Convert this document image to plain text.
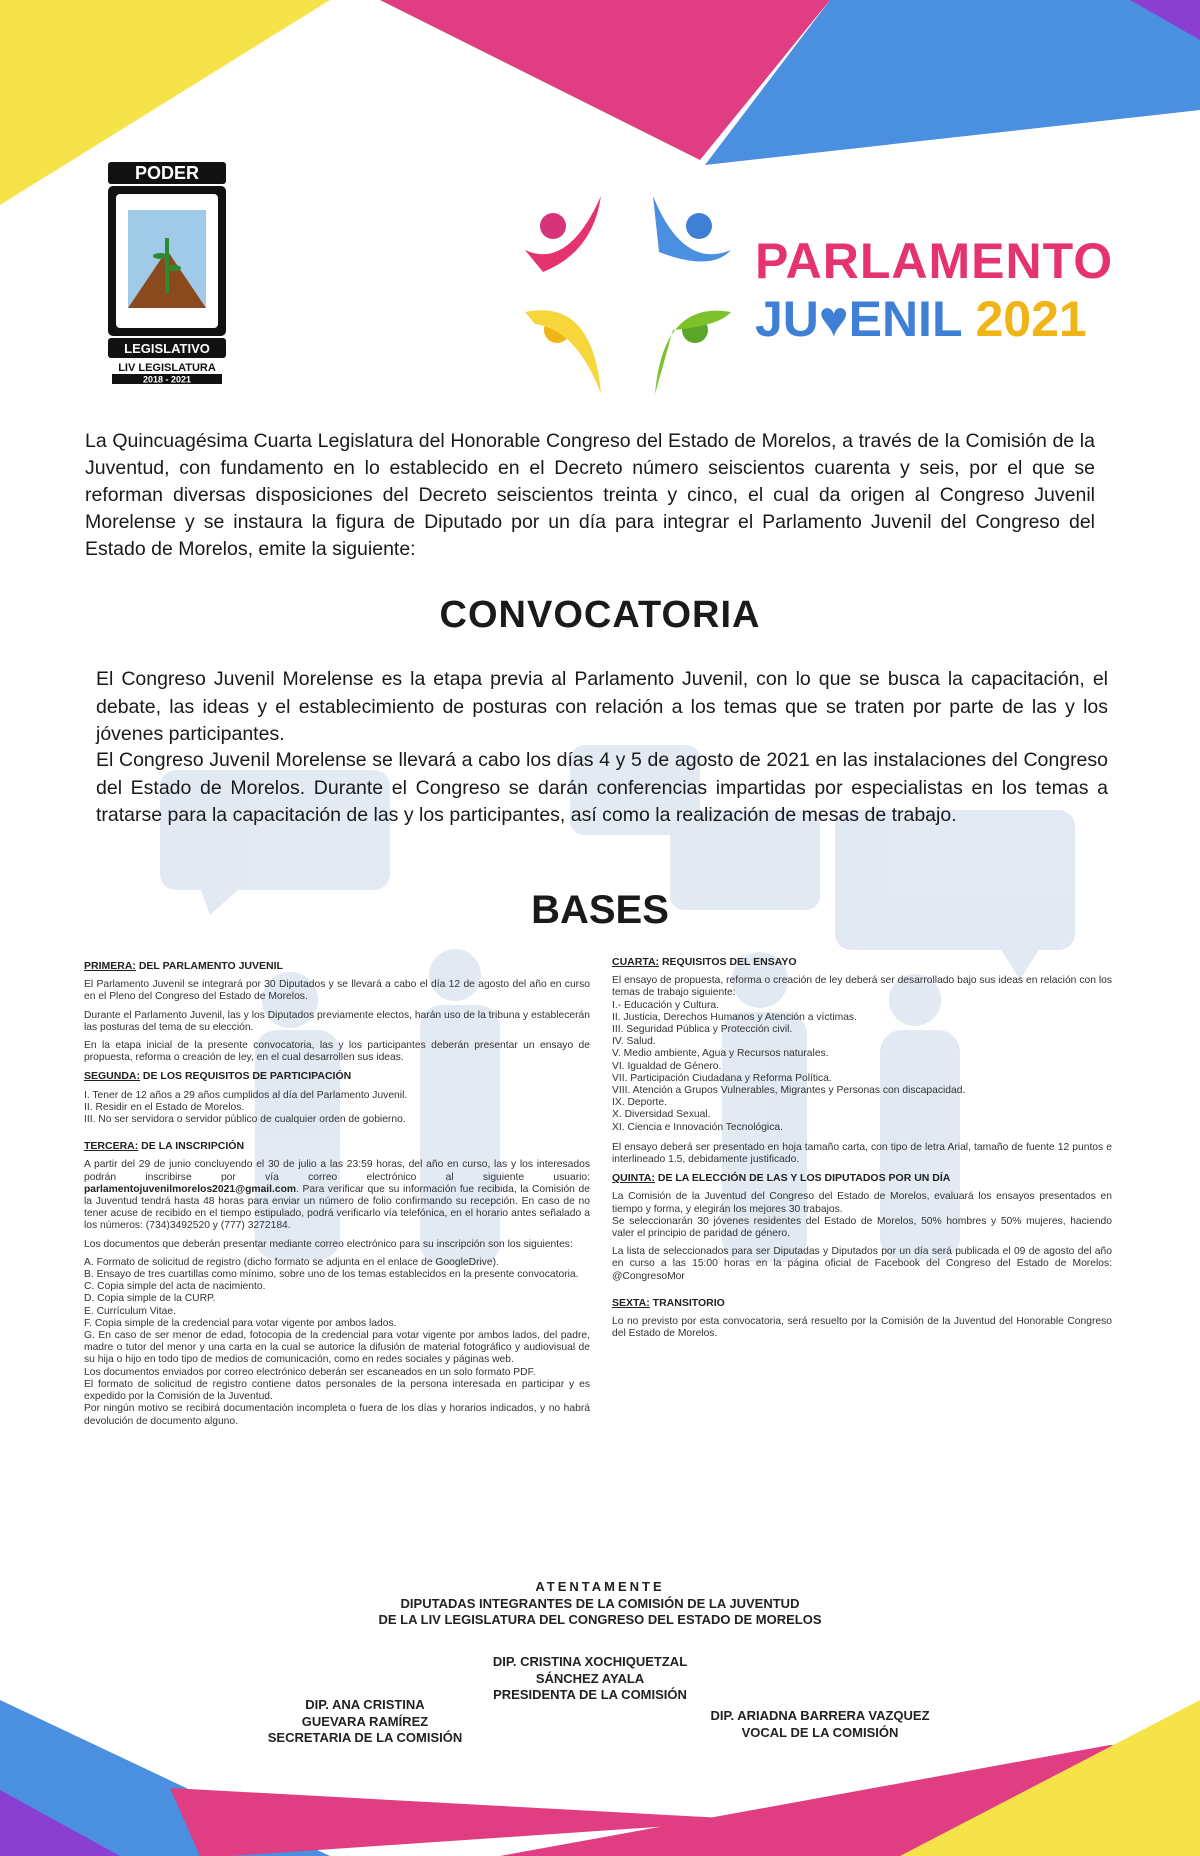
PODER
LEGISLATIVO
LIV LEGISLATURA
2018 - 2021
PARLAMENTO
JU♥ENIL 2021

La Quincuagésima Cuarta Legislatura del Honorable Congreso del Estado de Morelos, a través de la Comisión de la Juventud, con fundamento en lo establecido en el Decreto número seiscientos cuarenta y seis, por el que se reforman diversas disposiciones del Decreto seiscientos treinta y cinco, el cual da origen al Congreso Juvenil Morelense y se instaura la figura de Diputado por un día para integrar el Parlamento Juvenil del Congreso del Estado de Morelos, emite la siguiente:

CONVOCATORIA

El Congreso Juvenil Morelense es la etapa previa al Parlamento Juvenil, con lo que se busca la capacitación, el debate, las ideas y el establecimiento de posturas con relación a los temas que se traten por parte de las y los jóvenes participantes.

El Congreso Juvenil Morelense se llevará a cabo los días 4 y 5 de agosto de 2021 en las instalaciones del Congreso del Estado de Morelos. Durante el Congreso se darán conferencias impartidas por especialistas en los temas a tratarse para la capacitación de las y los participantes, así como la realización de mesas de trabajo.

BASES
PRIMERA: DEL PARLAMENTO JUVENIL

El Parlamento Juvenil se integrará por 30 Diputados y se llevará a cabo el día 12 de agosto del año en curso en el Pleno del Congreso del Estado de Morelos.

Durante el Parlamento Juvenil, las y los Diputados previamente electos, harán uso de la tribuna y establecerán las posturas del tema de su elección.

En la etapa inicial de la presente convocatoria, las y los participantes deberán presentar un ensayo de propuesta, reforma o creación de ley, en el cual desarrollen sus ideas.

SEGUNDA: DE LOS REQUISITOS DE PARTICIPACIÓN
I. Tener de 12 años a 29 años cumplidos al día del Parlamento Juvenil.
II. Residir en el Estado de Morelos.
III. No ser servidora o servidor público de cualquier orden de gobierno.
TERCERA: DE LA INSCRIPCIÓN

A partir del 29 de junio concluyendo el 30 de julio a las 23:59 horas, del año en curso, las y los interesados podrán inscribirse por vía correo electrónico al siguiente usuario: parlamentojuvenilmorelos2021@gmail.com. Para verificar que su información fue recibida, la Comisión de la Juventud tendrá hasta 48 horas para enviar un número de folio confirmando su recepción. En caso de no tener acuse de recibido en el tiempo estipulado, podrá verificarlo vía telefónica, en el horario antes señalado a los números: (734)3492520 y (777) 3272184.

Los documentos que deberán presentar mediante correo electrónico para su inscripción son los siguientes:

A. Formato de solicitud de registro (dicho formato se adjunta en el enlace de GoogleDrive).
B. Ensayo de tres cuartillas como mínimo, sobre uno de los temas establecidos en la presente convocatoria.
C. Copia simple del acta de nacimiento.
D. Copia simple de la CURP.
E. Currículum Vitae.
F. Copia simple de la credencial para votar vigente por ambos lados.
G. En caso de ser menor de edad, fotocopia de la credencial para votar vigente por ambos lados, del padre, madre o tutor del menor y una carta en la cual se autorice la difusión de material fotográfico y audiovisual de su hija o hijo en todo tipo de medios de comunicación, como en redes sociales y páginas web.
Los documentos enviados por correo electrónico deberán ser escaneados en un solo formato PDF.
El formato de solicitud de registro contiene datos personales de la persona interesada en participar y es expedido por la Comisión de la Juventud.
Por ningún motivo se recibirá documentación incompleta o fuera de los días y horarios indicados, y no habrá devolución de documento alguno.
CUARTA: REQUISITOS DEL ENSAYO
El ensayo de propuesta, reforma o creación de ley deberá ser desarrollado bajo sus ideas en relación con los temas de trabajo siguiente:
I.- Educación y Cultura.
II. Justicia, Derechos Humanos y Atención a víctimas.
III. Seguridad Pública y Protección civil.
IV. Salud.
V. Medio ambiente, Agua y Recursos naturales.
VI. Igualdad de Género.
VII. Participación Ciudadana y Reforma Política.
VIII. Atención a Grupos Vulnerables, Migrantes y Personas con discapacidad.
IX. Deporte.
X. Diversidad Sexual.
XI. Ciencia e Innovación Tecnológica.

El ensayo deberá ser presentado en hoja tamaño carta, con tipo de letra Arial, tamaño de fuente 12 puntos e interlineado 1.5, debidamente justificado.

QUINTA: DE LA ELECCIÓN DE LAS Y LOS DIPUTADOS POR UN DÍA
La Comisión de la Juventud del Congreso del Estado de Morelos, evaluará los ensayos presentados en tiempo y forma, y elegirán los mejores 30 trabajos.

Se seleccionarán 30 jóvenes residentes del Estado de Morelos, 50% hombres y 50% mujeres, haciendo valer el principio de paridad de género.

La lista de seleccionados para ser Diputadas y Diputados por un día será publicada el 09 de agosto del año en curso a las 15:00 horas en la página oficial de Facebook del Congreso del Estado de Morelos: @CongresoMor

SEXTA: TRANSITORIO

Lo no previsto por esta convocatoria, será resuelto por la Comisión de la Juventud del Honorable Congreso del Estado de Morelos.

ATENTAMENTE
DIPUTADAS INTEGRANTES DE LA COMISIÓN DE LA JUVENTUD
DE LA LIV LEGISLATURA DEL CONGRESO DEL ESTADO DE MORELOS
DIP. CRISTINA XOCHIQUETZAL
SÁNCHEZ AYALA
PRESIDENTA DE LA COMISIÓN
DIP. ANA CRISTINA
GUEVARA RAMÍREZ
SECRETARIA DE LA COMISIÓN
DIP. ARIADNA BARRERA VAZQUEZ
VOCAL DE LA COMISIÓN
